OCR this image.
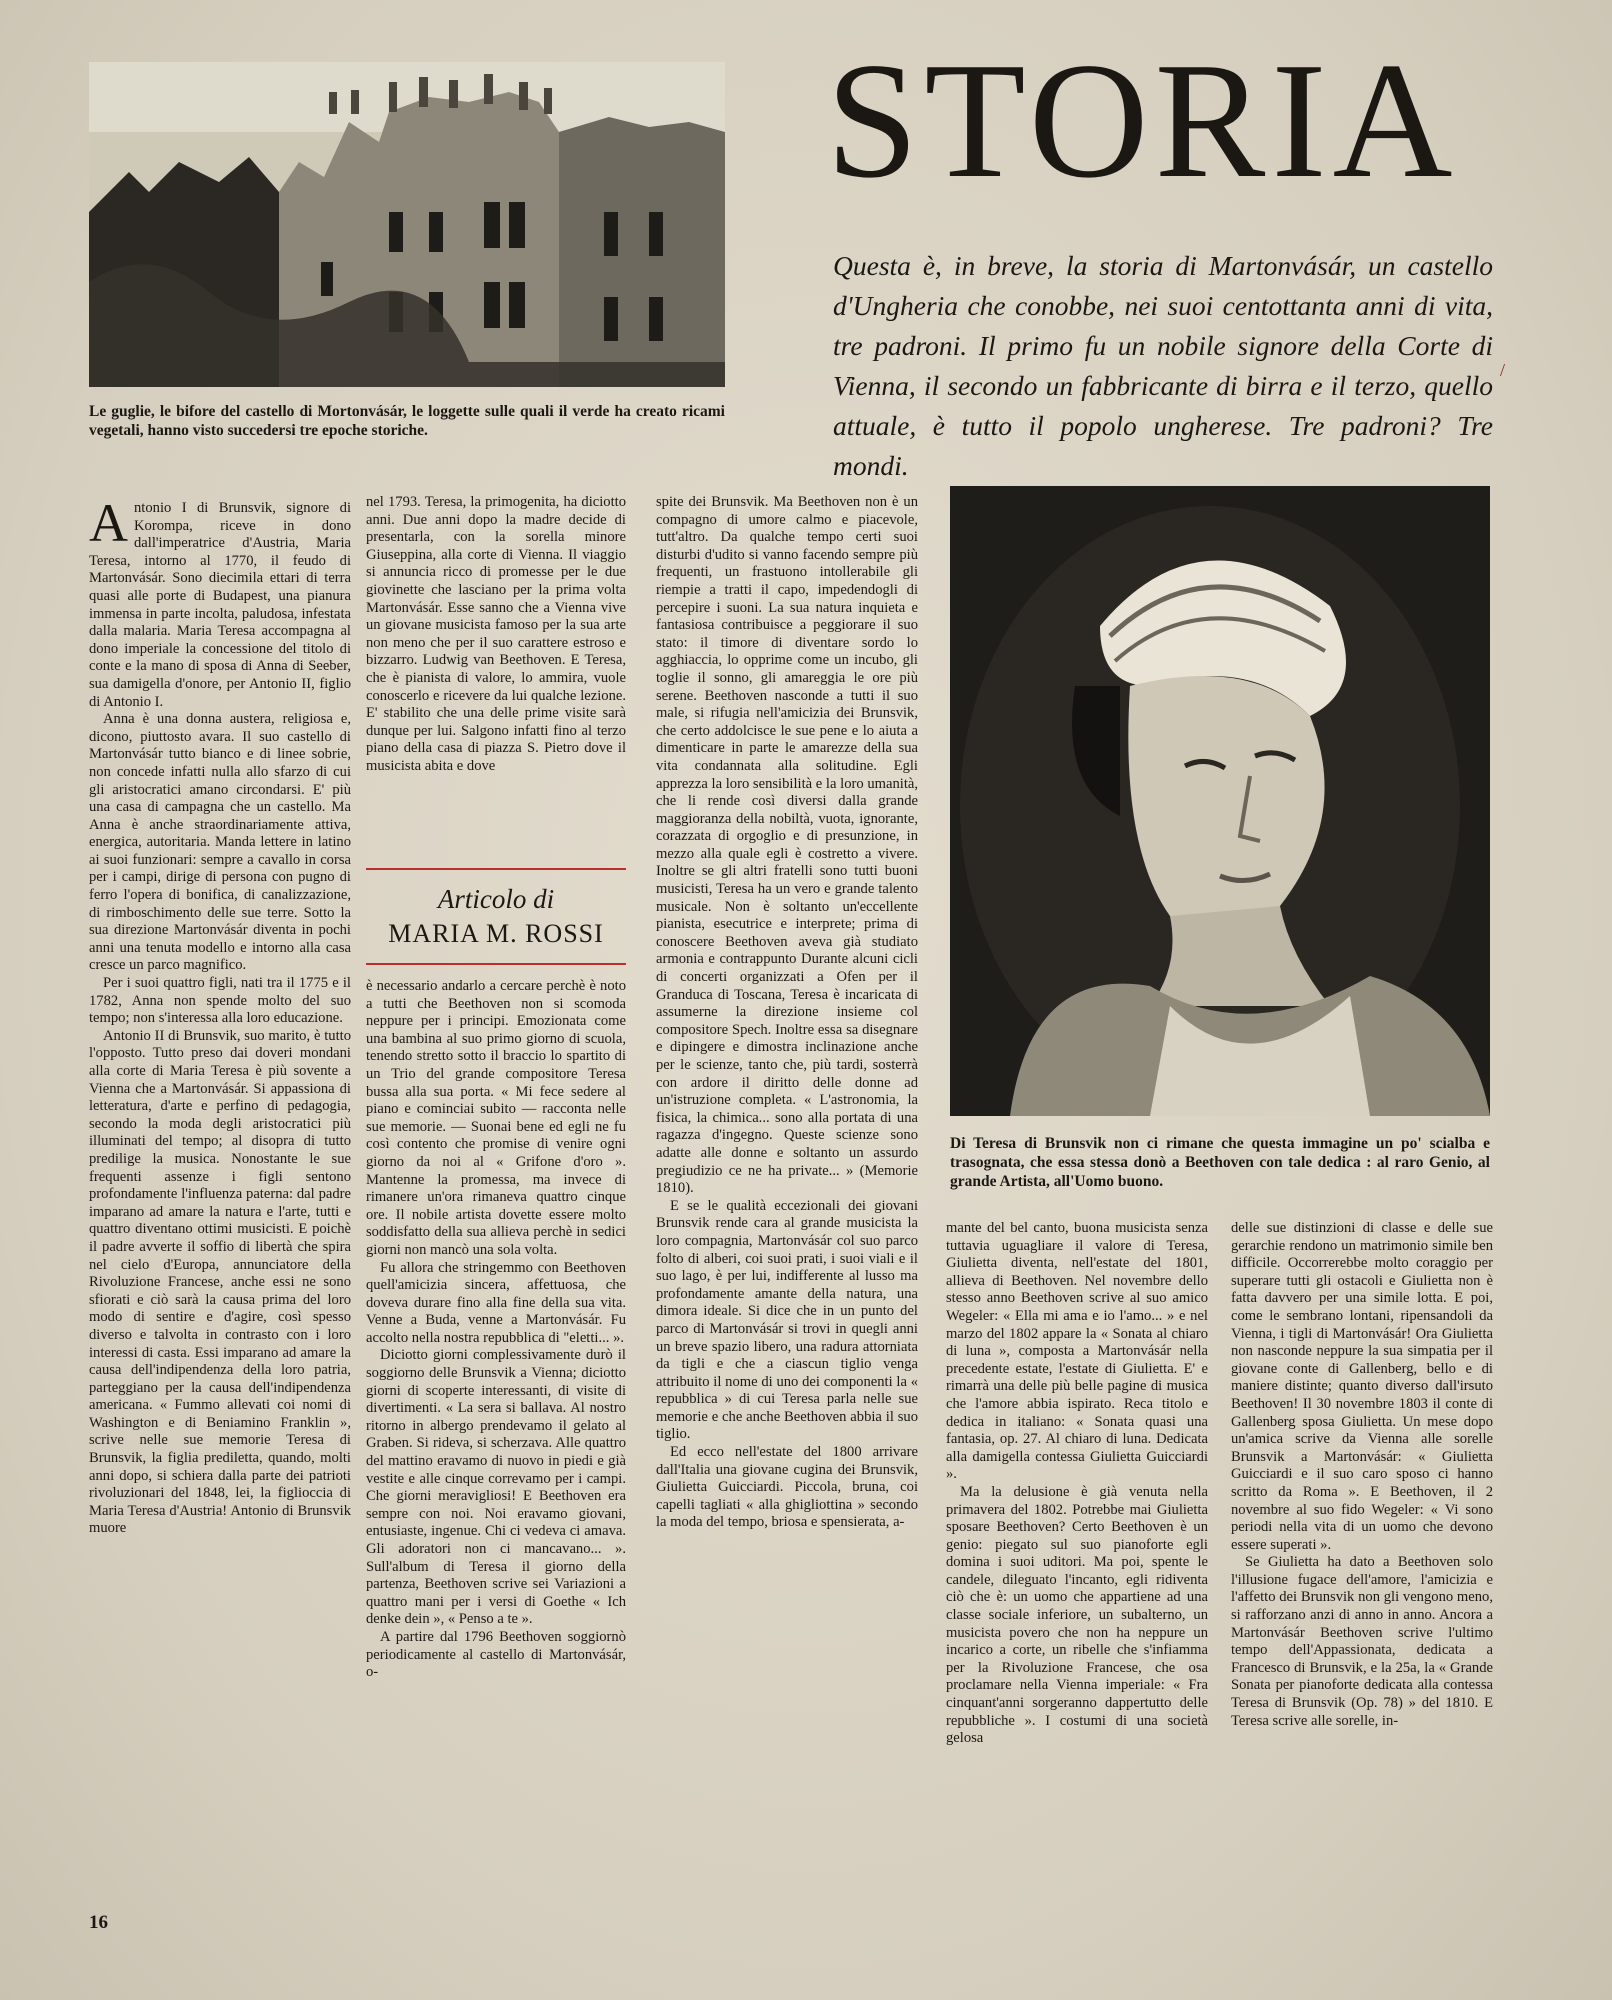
STORIA
Questa è, in breve, la storia di Martonvásár, un castello d'Ungheria che conobbe, nei suoi centottanta anni di vita, tre padroni. Il primo fu un nobile signore della Corte di Vienna, il secondo un fabbricante di birra e il terzo, quello attuale, è tutto il popolo ungherese. Tre padroni? Tre mondi.
/
Le guglie, le bifore del castello di Mortonvásár, le loggette sulle quali il verde ha creato ricami vegetali, hanno visto succedersi tre epoche storiche.

Antonio I di Brunsvik, signore di Korompa, riceve in dono dall'imperatrice d'Austria, Maria Teresa, intorno al 1770, il feudo di Martonvásár. Sono diecimila ettari di terra quasi alle porte di Budapest, una pianura immensa in parte incolta, paludosa, infestata dalla malaria. Maria Teresa accompagna al dono imperiale la concessione del titolo di conte e la mano di sposa di Anna di Seeber, sua damigella d'onore, per Antonio II, figlio di Antonio I.

Anna è una donna austera, religiosa e, dicono, piuttosto avara. Il suo castello di Martonvásár tutto bianco e di linee sobrie, non concede infatti nulla allo sfarzo di cui gli aristocratici amano circondarsi. E' più una casa di campagna che un castello. Ma Anna è anche straordinariamente attiva, energica, autoritaria. Manda lettere in latino ai suoi funzionari: sempre a cavallo in corsa per i campi, dirige di persona con pugno di ferro l'opera di bonifica, di canalizzazione, di rimboschimento delle sue terre. Sotto la sua direzione Martonvásár diventa in pochi anni una tenuta modello e intorno alla casa cresce un parco magnifico.

Per i suoi quattro figli, nati tra il 1775 e il 1782, Anna non spende molto del suo tempo; non s'interessa alla loro educazione.

Antonio II di Brunsvik, suo marito, è tutto l'opposto. Tutto preso dai doveri mondani alla corte di Maria Teresa è più sovente a Vienna che a Martonvásár. Si appassiona di letteratura, d'arte e perfino di pedagogia, secondo la moda degli aristocratici più illuminati del tempo; al disopra di tutto predilige la musica. Nonostante le sue frequenti assenze i figli sentono profondamente l'influenza paterna: dal padre imparano ad amare la natura e l'arte, tutti e quattro diventano ottimi musicisti. E poichè il padre avverte il soffio di libertà che spira nel cielo d'Europa, annunciatore della Rivoluzione Francese, anche essi ne sono sfiorati e ciò sarà la causa prima del loro modo di sentire e d'agire, così spesso diverso e talvolta in contrasto con i loro interessi di casta. Essi imparano ad amare la causa dell'indipendenza della loro patria, parteggiano per la causa dell'indipendenza americana. « Fummo allevati coi nomi di Washington e di Beniamino Franklin », scrive nelle sue memorie Teresa di Brunsvik, la figlia prediletta, quando, molti anni dopo, si schiera dalla parte dei patrioti rivoluzionari del 1848, lei, la figlioccia di Maria Teresa d'Austria! Antonio di Brunsvik muore

nel 1793. Teresa, la primogenita, ha diciotto anni. Due anni dopo la madre decide di presentarla, con la sorella minore Giuseppina, alla corte di Vienna. Il viaggio si annuncia ricco di promesse per le due giovinette che lasciano per la prima volta Martonvásár. Esse sanno che a Vienna vive un giovane musicista famoso per la sua arte non meno che per il suo carattere estroso e bizzarro. Ludwig van Beethoven. E Teresa, che è pianista di valore, lo ammira, vuole conoscerlo e ricevere da lui qualche lezione. E' stabilito che una delle prime visite sarà dunque per lui. Salgono infatti fino al terzo piano della casa di piazza S. Pietro dove il musicista abita e dove

Articolo di
MARIA M. ROSSI

è necessario andarlo a cercare perchè è noto a tutti che Beethoven non si scomoda neppure per i principi. Emozionata come una bambina al suo primo giorno di scuola, tenendo stretto sotto il braccio lo spartito di un Trio del grande compositore Teresa bussa alla sua porta. « Mi fece sedere al piano e cominciai subito — racconta nelle sue memorie. — Suonai bene ed egli ne fu così contento che promise di venire ogni giorno da noi al « Grifone d'oro ». Mantenne la promessa, ma invece di rimanere un'ora rimaneva quattro cinque ore. Il nobile artista dovette essere molto soddisfatto della sua allieva perchè in sedici giorni non mancò una sola volta.

Fu allora che stringemmo con Beethoven quell'amicizia sincera, affettuosa, che doveva durare fino alla fine della sua vita. Venne a Buda, venne a Martonvásár. Fu accolto nella nostra repubblica di "eletti... ».

Diciotto giorni complessivamente durò il soggiorno delle Brunsvik a Vienna; diciotto giorni di scoperte interessanti, di visite di divertimenti. « La sera si ballava. Al nostro ritorno in albergo prendevamo il gelato al Graben. Si rideva, si scherzava. Alle quattro del mattino eravamo di nuovo in piedi e già vestite e alle cinque correvamo per i campi. Che giorni meravigliosi! E Beethoven era sempre con noi. Noi eravamo giovani, entusiaste, ingenue. Chi ci vedeva ci amava. Gli adoratori non ci mancavano... ». Sull'album di Teresa il giorno della partenza, Beethoven scrive sei Variazioni a quattro mani per i versi di Goethe « Ich denke dein », « Penso a te ».

A partire dal 1796 Beethoven soggiornò periodicamente al castello di Martonvásár, o-

spite dei Brunsvik. Ma Beethoven non è un compagno di umore calmo e piacevole, tutt'altro. Da qualche tempo certi suoi disturbi d'udito si vanno facendo sempre più frequenti, un frastuono intollerabile gli riempie a tratti il capo, impedendogli di percepire i suoni. La sua natura inquieta e fantasiosa contribuisce a peggiorare il suo stato: il timore di diventare sordo lo agghiaccia, lo opprime come un incubo, gli toglie il sonno, gli amareggia le ore più serene. Beethoven nasconde a tutti il suo male, si rifugia nell'amicizia dei Brunsvik, che certo addolcisce le sue pene e lo aiuta a dimenticare in parte le amarezze della sua vita condannata alla solitudine. Egli apprezza la loro sensibilità e la loro umanità, che li rende così diversi dalla grande maggioranza della nobiltà, vuota, ignorante, corazzata di orgoglio e di presunzione, in mezzo alla quale egli è costretto a vivere. Inoltre se gli altri fratelli sono tutti buoni musicisti, Teresa ha un vero e grande talento musicale. Non è soltanto un'eccellente pianista, esecutrice e interprete; prima di conoscere Beethoven aveva già studiato armonia e contrappunto Durante alcuni cicli di concerti organizzati a Ofen per il Granduca di Toscana, Teresa è incaricata di assumerne la direzione insieme col compositore Spech. Inoltre essa sa disegnare e dipingere e dimostra inclinazione anche per le scienze, tanto che, più tardi, sosterrà con ardore il diritto delle donne ad un'istruzione completa. « L'astronomia, la fisica, la chimica... sono alla portata di una ragazza d'ingegno. Queste scienze sono adatte alle donne e soltanto un assurdo pregiudizio ce ne ha private... » (Memorie 1810).

E se le qualità eccezionali dei giovani Brunsvik rende cara al grande musicista la loro compagnia, Martonvásár col suo parco folto di alberi, coi suoi prati, i suoi viali e il suo lago, è per lui, indifferente al lusso ma profondamente amante della natura, una dimora ideale. Si dice che in un punto del parco di Martonvásár si trovi in quegli anni un breve spazio libero, una radura attorniata da tigli e che a ciascun tiglio venga attribuito il nome di uno dei componenti la « repubblica » di cui Teresa parla nelle sue memorie e che anche Beethoven abbia il suo tiglio.

Ed ecco nell'estate del 1800 arrivare dall'Italia una giovane cugina dei Brunsvik, Giulietta Guicciardi. Piccola, bruna, coi capelli tagliati « alla ghigliottina » secondo la moda del tempo, briosa e spensierata, a-

Di Teresa di Brunsvik non ci rimane che questa immagine un po' scialba e trasognata, che essa stessa donò a Beethoven con tale dedica : al raro Genio, al grande Artista, all'Uomo buono.

mante del bel canto, buona musicista senza tuttavia uguagliare il valore di Teresa, Giulietta diventa, nell'estate del 1801, allieva di Beethoven. Nel novembre dello stesso anno Beethoven scrive al suo amico Wegeler: « Ella mi ama e io l'amo... » e nel marzo del 1802 appare la « Sonata al chiaro di luna », composta a Martonvásár nella precedente estate, l'estate di Giulietta. E' e rimarrà una delle più belle pagine di musica che l'amore abbia ispirato. Reca titolo e dedica in italiano: « Sonata quasi una fantasia, op. 27. Al chiaro di luna. Dedicata alla damigella contessa Giulietta Guicciardi ».

Ma la delusione è già venuta nella primavera del 1802. Potrebbe mai Giulietta sposare Beethoven? Certo Beethoven è un genio: piegato sul suo pianoforte egli domina i suoi uditori. Ma poi, spente le candele, dileguato l'incanto, egli ridiventa ciò che è: un uomo che appartiene ad una classe sociale inferiore, un subalterno, un musicista povero che non ha neppure un incarico a corte, un ribelle che s'infiamma per la Rivoluzione Francese, che osa proclamare nella Vienna imperiale: « Fra cinquant'anni sorgeranno dappertutto delle repubbliche ». I costumi di una società gelosa

delle sue distinzioni di classe e delle sue gerarchie rendono un matrimonio simile ben difficile. Occorrerebbe molto coraggio per superare tutti gli ostacoli e Giulietta non è fatta davvero per una simile lotta. E poi, come le sembrano lontani, ripensandoli da Vienna, i tigli di Martonvásár! Ora Giulietta non nasconde neppure la sua simpatia per il giovane conte di Gallenberg, bello e di maniere distinte; quanto diverso dall'irsuto Beethoven! Il 30 novembre 1803 il conte di Gallenberg sposa Giulietta. Un mese dopo un'amica scrive da Vienna alle sorelle Brunsvik a Martonvásár: « Giulietta Guicciardi e il suo caro sposo ci hanno scritto da Roma ». E Beethoven, il 2 novembre al suo fido Wegeler: « Vi sono periodi nella vita di un uomo che devono essere superati ».

Se Giulietta ha dato a Beethoven solo l'illusione fugace dell'amore, l'amicizia e l'affetto dei Brunsvik non gli vengono meno, si rafforzano anzi di anno in anno. Ancora a Martonvásár Beethoven scrive l'ultimo tempo dell'Appassionata, dedicata a Francesco di Brunsvik, e la 25a, la « Grande Sonata per pianoforte dedicata alla contessa Teresa di Brunsvik (Op. 78) » del 1810. E Teresa scrive alle sorelle, in-

16
